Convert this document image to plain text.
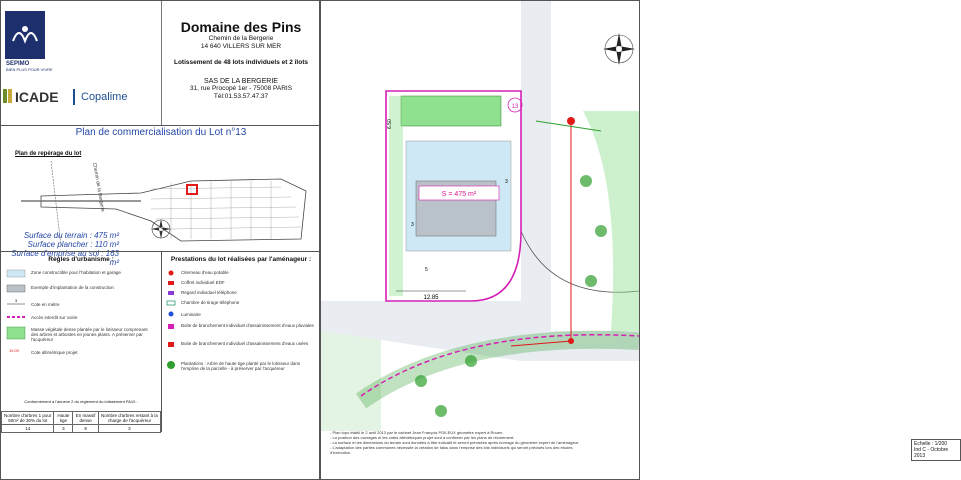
SEPIMO
BIEN PLUS POUR VIVRE
ICADE Copalime
Domaine des Pins
Chemin de la Bergerie
14 640 VILLERS SUR MER
Lotissement de 48 lots individuels et 2 îlots
SAS DE LA BERGERIE
31, rue Procopé 1er - 75008 PARIS
Tél:01.53.57.47.37
Plan de commercialisation du Lot n°13
Plan de repérage du lot
Chemin de la Bergerie
Surface du terrain : 475 m²
Surface plancher : 110 m²
Surface d'emprise au sol : 163 m²
Règles d'urbanisme :
3
19.00
Zone constructible pour l'habitation et garage
Exemple d'implantation de la construction
Cote en mètre
Accès interdit sur voirie
Masse végétale dense plantée par le lotisseur comprenant des arbres et arbustes en jeunes plants. A préserver par l'acquéreur
Cote altimétrique projet
Prestations du lot réalisées par l'aménageur :
Citerneau d'eau potable
Coffret individuel EDF
Regard individuel téléphone
Chambre de tirage téléphone
Luminaire
Boite de branchement individuel d'assainissement d'eaux pluviales
Boite de branchement individuel d'assainissement d'eaux usées
Plantations : Arbre de haute tige planté par le lotisseur dans l'emprise de la parcelle - à préserver par l'acquéreur
Conformément à l'annexe 2 du règlement du lotissement PA10 :
Nombre d'arbres 1 pour 50m² de 30% du lot	Haute tige	En massif dense	Nombre d'arbres restant à la charge de l'acquéreur
14	3	8	3
S = 475 m²
12.85
6.50
3
5
3
13
Echelle : 1/200
Ind C - Octobre 2013
- Plan topo établi le 2 avril 2013 par le cabinet Jean François POILEUX géomètre expert à Rouen.
- La position des ouvrages et les cotes altimétriques projet sont à confirmer par les plans de récolement.
- La surface et les dimensions du terrain sont données à titre indicatif et seront précisées après bornage du géomètre expert de l'aménageur.
- L'adaptation des parties communes nécessite la création de talus dans l'emprise des lots individuels qui seront précisés lors des études d'exécution.
